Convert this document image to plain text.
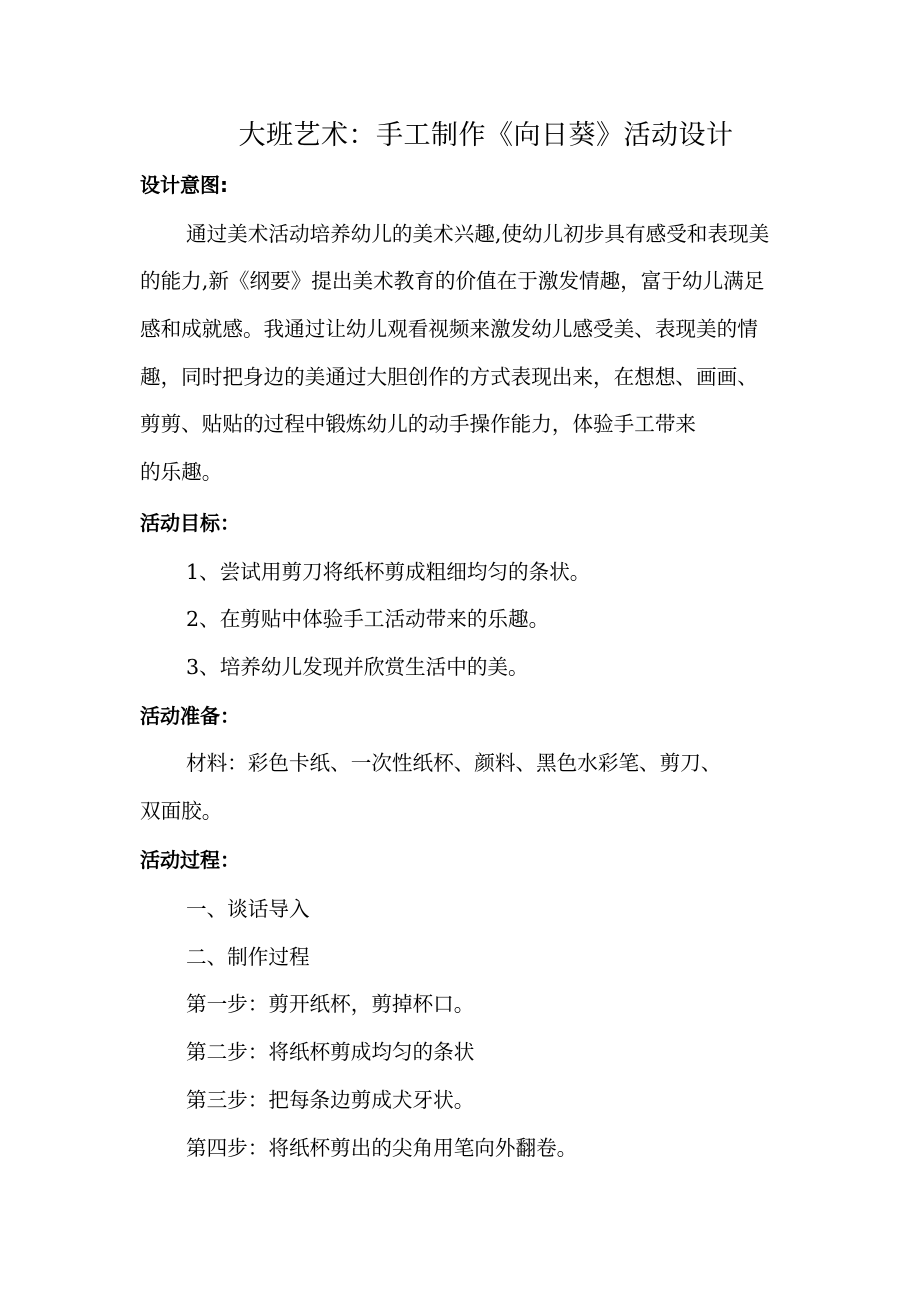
大班艺术：手工制作《向日葵》活动设计
设计意图:
通过美术活动培养幼儿的美术兴趣,使幼儿初步具有感受和表现美
的能力,新《纲要》提出美术教育的价值在于激发情趣，富于幼儿满足
感和成就感。我通过让幼儿观看视频来激发幼儿感受美、表现美的情
趣，同时把身边的美通过大胆创作的方式表现出来，在想想、画画、
剪剪、贴贴的过程中锻炼幼儿的动手操作能力，体验手工带来
的乐趣。
活动目标：
1、尝试用剪刀将纸杯剪成粗细均匀的条状。
2、在剪贴中体验手工活动带来的乐趣。
3、培养幼儿发现并欣赏生活中的美。
活动准备：
材料：彩色卡纸、一次性纸杯、颜料、黑色水彩笔、剪刀、
双面胶。
活动过程：
一、谈话导入
二、制作过程
第一步：剪开纸杯，剪掉杯口。
第二步：将纸杯剪成均匀的条状
第三步：把每条边剪成犬牙状。
第四步：将纸杯剪出的尖角用笔向外翻卷。
